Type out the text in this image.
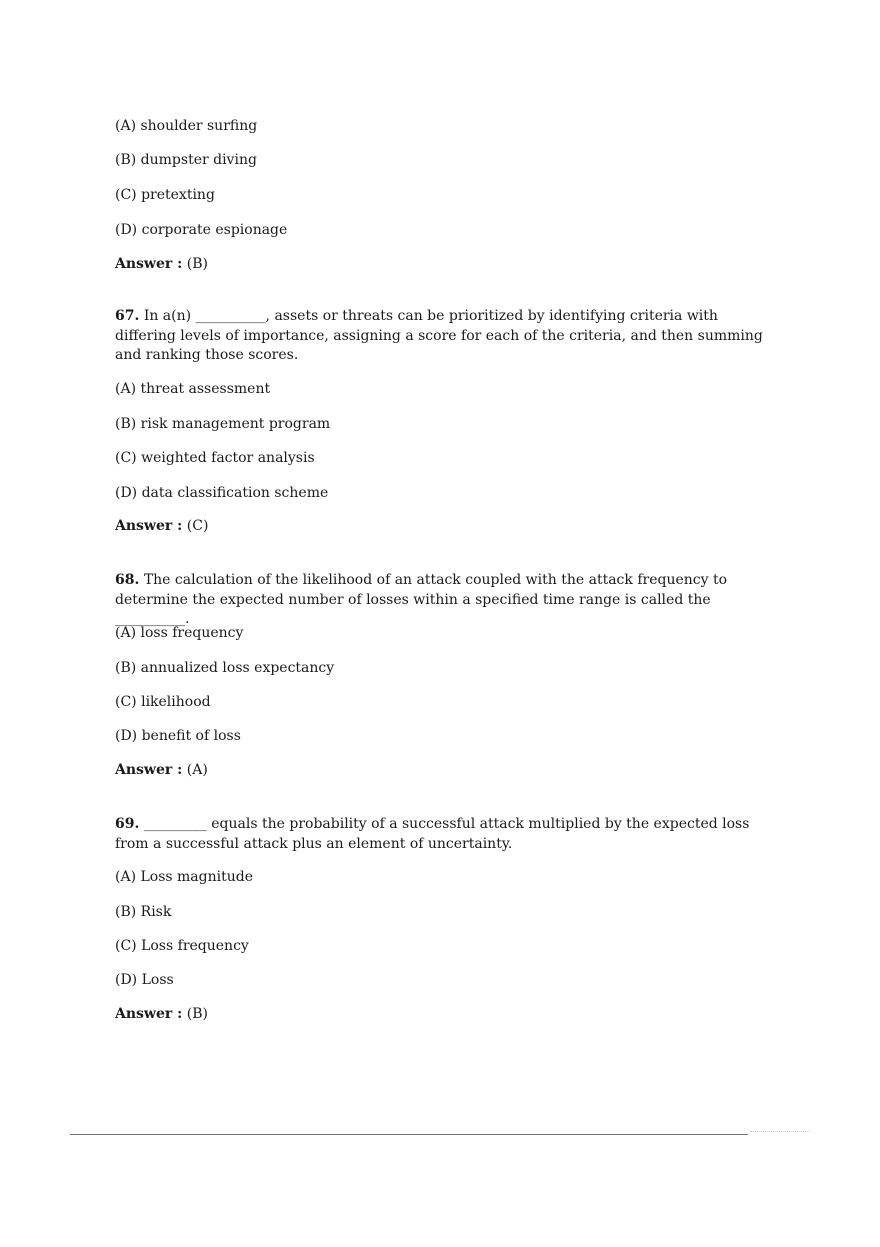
(A) shoulder surfing
(B) dumpster diving
(C) pretexting
(D) corporate espionage
Answer : (B)
67. In a(n) __________, assets or threats can be prioritized by identifying criteria with differing levels of importance, assigning a score for each of the criteria, and then summing and ranking those scores.
(A) threat assessment
(B) risk management program
(C) weighted factor analysis
(D) data classification scheme
Answer : (C)
68. The calculation of the likelihood of an attack coupled with the attack frequency to determine the expected number of losses within a specified time range is called the __________.
(A) loss frequency
(B) annualized loss expectancy
(C) likelihood
(D) benefit of loss
Answer : (A)
69. _________ equals the probability of a successful attack multiplied by the expected loss from a successful attack plus an element of uncertainty.
(A) Loss magnitude
(B) Risk
(C) Loss frequency
(D) Loss
Answer : (B)
